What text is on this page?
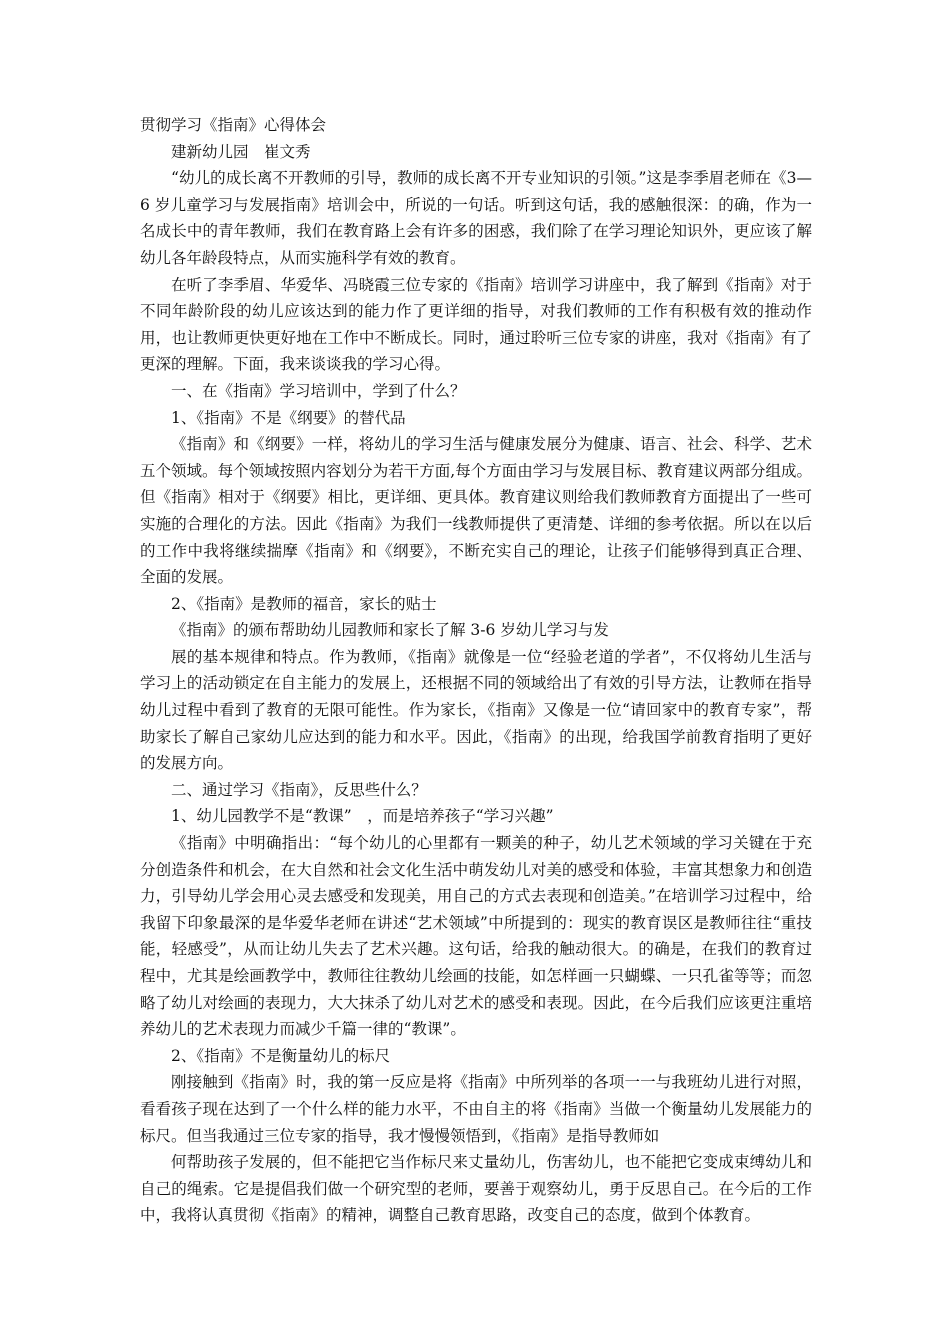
贯彻学习《指南》心得体会
建新幼儿园　崔文秀
“幼儿的成长离不开教师的引导，教师的成长离不开专业知识的引领。”这是李季眉老师在《3—6 岁儿童学习与发展指南》培训会中，所说的一句话。听到这句话，我的感触很深：的确，作为一名成长中的青年教师，我们在教育路上会有许多的困惑，我们除了在学习理论知识外，更应该了解幼儿各年龄段特点，从而实施科学有效的教育。
在听了李季眉、华爱华、冯晓霞三位专家的《指南》培训学习讲座中，我了解到《指南》对于不同年龄阶段的幼儿应该达到的能力作了更详细的指导，对我们教师的工作有积极有效的推动作用，也让教师更快更好地在工作中不断成长。同时，通过聆听三位专家的讲座，我对《指南》有了更深的理解。下面，我来谈谈我的学习心得。
一、在《指南》学习培训中，学到了什么？
1、《指南》不是《纲要》的替代品
《指南》和《纲要》一样，将幼儿的学习生活与健康发展分为健康、语言、社会、科学、艺术五个领域。每个领域按照内容划分为若干方面,每个方面由学习与发展目标、教育建议两部分组成。但《指南》相对于《纲要》相比，更详细、更具体。教育建议则给我们教师教育方面提出了一些可实施的合理化的方法。因此《指南》为我们一线教师提供了更清楚、详细的参考依据。所以在以后的工作中我将继续揣摩《指南》和《纲要》，不断充实自己的理论，让孩子们能够得到真正合理、全面的发展。
2、《指南》是教师的福音，家长的贴士
《指南》的颁布帮助幼儿园教师和家长了解 3-6 岁幼儿学习与发
展的基本规律和特点。作为教师，《指南》就像是一位“经验老道的学者”，不仅将幼儿生活与学习上的活动锁定在自主能力的发展上，还根据不同的领域给出了有效的引导方法，让教师在指导幼儿过程中看到了教育的无限可能性。作为家长，《指南》又像是一位“请回家中的教育专家”，帮助家长了解自己家幼儿应达到的能力和水平。因此，《指南》的出现，给我国学前教育指明了更好的发展方向。
二、通过学习《指南》，反思些什么？
1、幼儿园教学不是“教课”　，而是培养孩子“学习兴趣”
《指南》中明确指出：“每个幼儿的心里都有一颗美的种子，幼儿艺术领域的学习关键在于充分创造条件和机会，在大自然和社会文化生活中萌发幼儿对美的感受和体验，丰富其想象力和创造力，引导幼儿学会用心灵去感受和发现美，用自己的方式去表现和创造美。”在培训学习过程中，给我留下印象最深的是华爱华老师在讲述“艺术领域”中所提到的：现实的教育误区是教师往往“重技能，轻感受”，从而让幼儿失去了艺术兴趣。这句话，给我的触动很大。的确是，在我们的教育过程中，尤其是绘画教学中，教师往往教幼儿绘画的技能，如怎样画一只蝴蝶、一只孔雀等等；而忽略了幼儿对绘画的表现力，大大抹杀了幼儿对艺术的感受和表现。因此，在今后我们应该更注重培养幼儿的艺术表现力而减少千篇一律的“教课”。
2、《指南》不是衡量幼儿的标尺
刚接触到《指南》时，我的第一反应是将《指南》中所列举的各项一一与我班幼儿进行对照，看看孩子现在达到了一个什么样的能力水平，不由自主的将《指南》当做一个衡量幼儿发展能力的标尺。但当我通过三位专家的指导，我才慢慢领悟到，《指南》是指导教师如
何帮助孩子发展的，但不能把它当作标尺来丈量幼儿，伤害幼儿，也不能把它变成束缚幼儿和自己的绳索。它是提倡我们做一个研究型的老师，要善于观察幼儿，勇于反思自己。在今后的工作中，我将认真贯彻《指南》的精神，调整自己教育思路，改变自己的态度，做到个体教育。
